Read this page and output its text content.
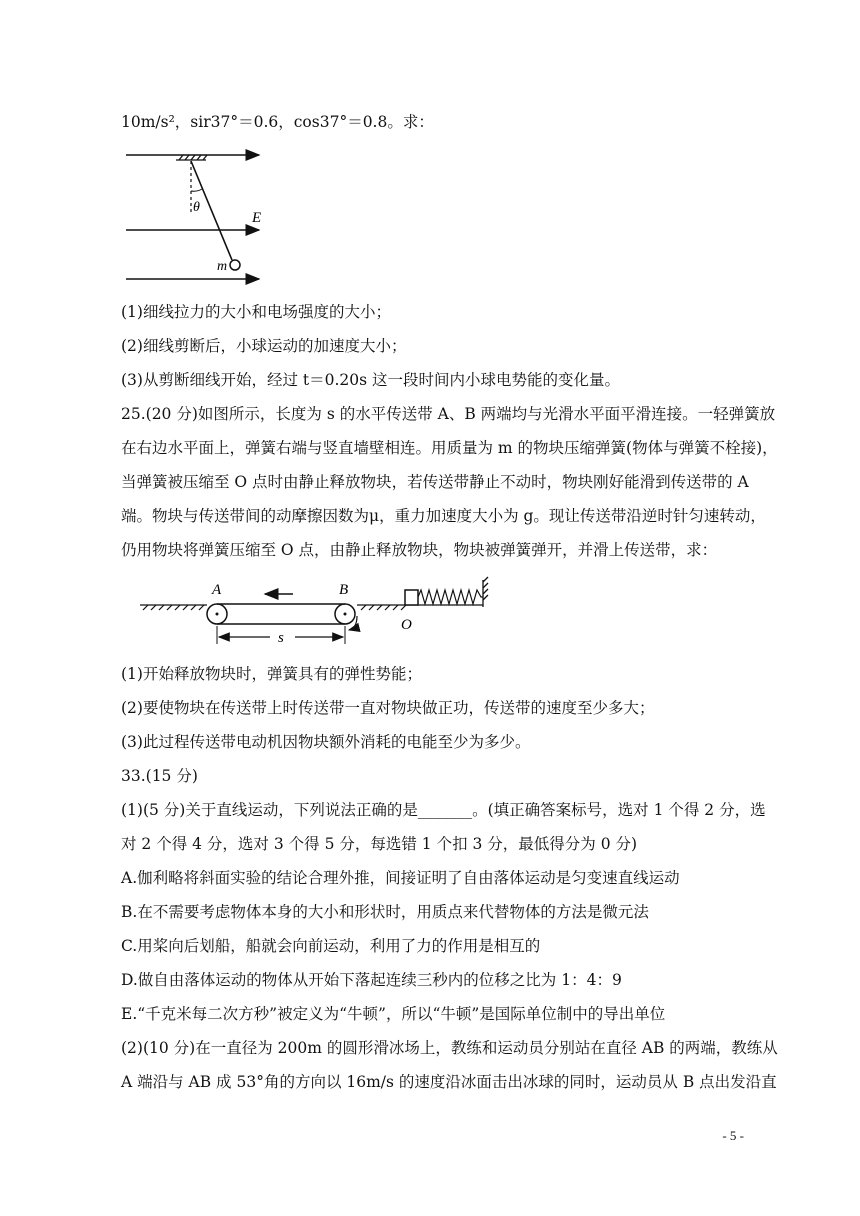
10m/s²，sir37°＝0.6，cos37°＝0.8。求：
θ
E
m
(1)细线拉力的大小和电场强度的大小；
(2)细线剪断后，小球运动的加速度大小；
(3)从剪断细线开始，经过 t＝0.20s 这一段时间内小球电势能的变化量。
25.(20 分)如图所示，长度为 s 的水平传送带 A、B 两端均与光滑水平面平滑连接。一轻弹簧放
在右边水平面上，弹簧右端与竖直墙壁相连。用质量为 m 的物块压缩弹簧(物体与弹簧不栓接)，
当弹簧被压缩至 O 点时由静止释放物块，若传送带静止不动时，物块刚好能滑到传送带的 A
端。物块与传送带间的动摩擦因数为μ，重力加速度大小为 g。现让传送带沿逆时针匀速转动，
仍用物块将弹簧压缩至 O 点，由静止释放物块，物块被弹簧弹开，并滑上传送带，求：
A	B
s
O
(1)开始释放物块时，弹簧具有的弹性势能；
(2)要使物块在传送带上时传送带一直对物块做正功，传送带的速度至少多大；
(3)此过程传送带电动机因物块额外消耗的电能至少为多少。
33.(15 分)
(1)(5 分)关于直线运动，下列说法正确的是_______。(填正确答案标号，选对 1 个得 2 分，选
对 2 个得 4 分，选对 3 个得 5 分，每选错 1 个扣 3 分，最低得分为 0 分)
A.伽利略将斜面实验的结论合理外推，间接证明了自由落体运动是匀变速直线运动
B.在不需要考虑物体本身的大小和形状时，用质点来代替物体的方法是微元法
C.用桨向后划船，船就会向前运动，利用了力的作用是相互的
D.做自由落体运动的物体从开始下落起连续三秒内的位移之比为 1：4：9
E.“千克米每二次方秒”被定义为“牛顿”，所以“牛顿”是国际单位制中的导出单位
(2)(10 分)在一直径为 200m 的圆形滑冰场上，教练和运动员分别站在直径 AB 的两端，教练从
A 端沿与 AB 成 53°角的方向以 16m/s 的速度沿冰面击出冰球的同时，运动员从 B 点出发沿直
- 5 -
